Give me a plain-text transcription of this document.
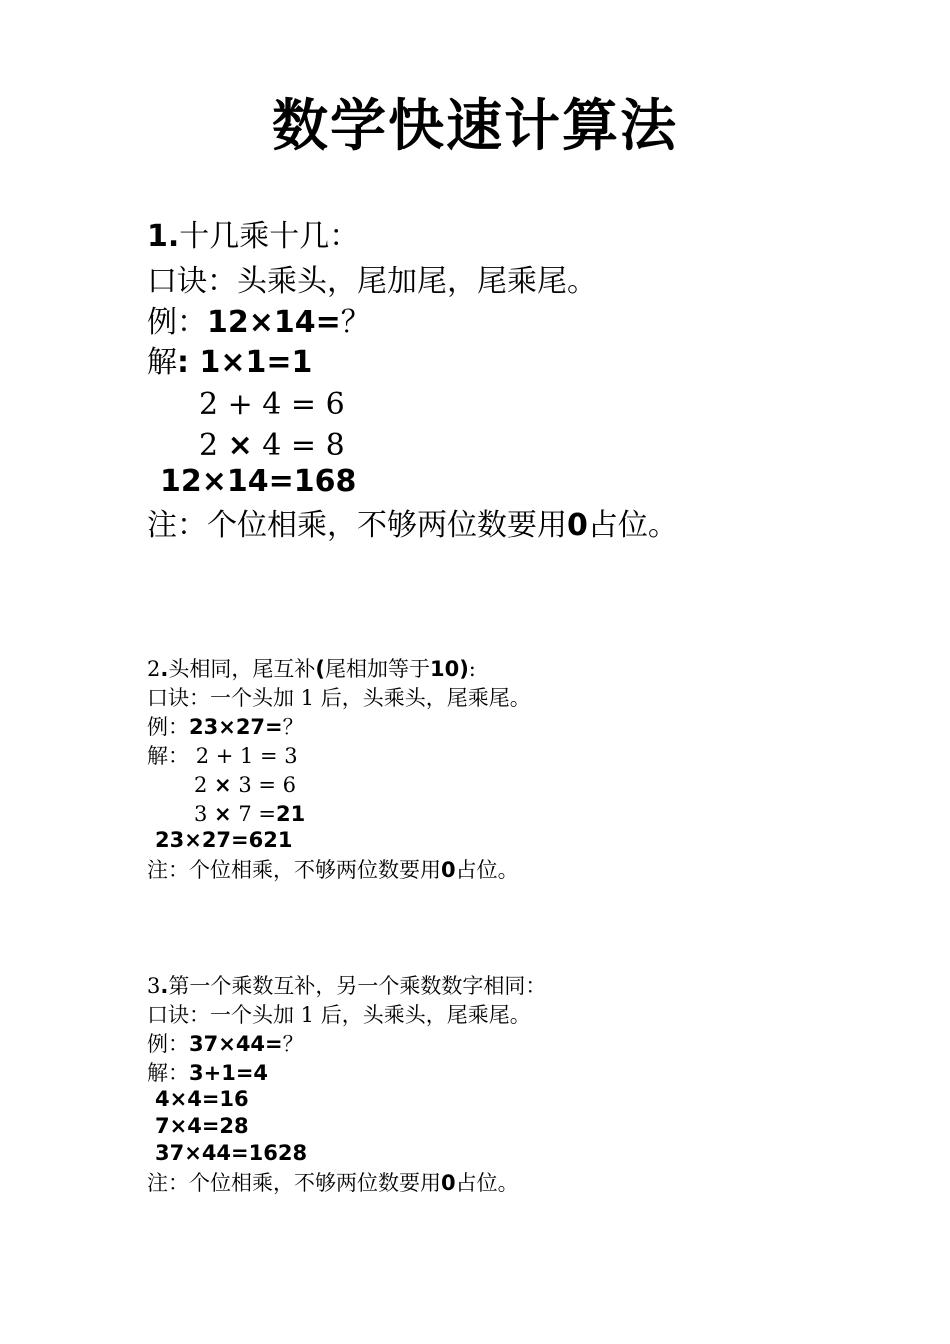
数学快速计算法
1.十几乘十几：
口诀：头乘头，尾加尾，尾乘尾。
例：12×14=？
解: 1×1=1
2 + 4 = 6
2 × 4 = 8
12×14=168
注：个位相乘，不够两位数要用0占位。
2.头相同，尾互补(尾相加等于10):
口诀：一个头加 1 后，头乘头，尾乘尾。
例：23×27=？
解： 2 + 1 = 3
2 × 3 = 6
3 × 7 =21
23×27=621
注：个位相乘，不够两位数要用0占位。
3.第一个乘数互补，另一个乘数数字相同：
口诀：一个头加 1 后，头乘头，尾乘尾。
例：37×44=？
解：3+1=4
4×4=16
7×4=28
37×44=1628
注：个位相乘，不够两位数要用0占位。
